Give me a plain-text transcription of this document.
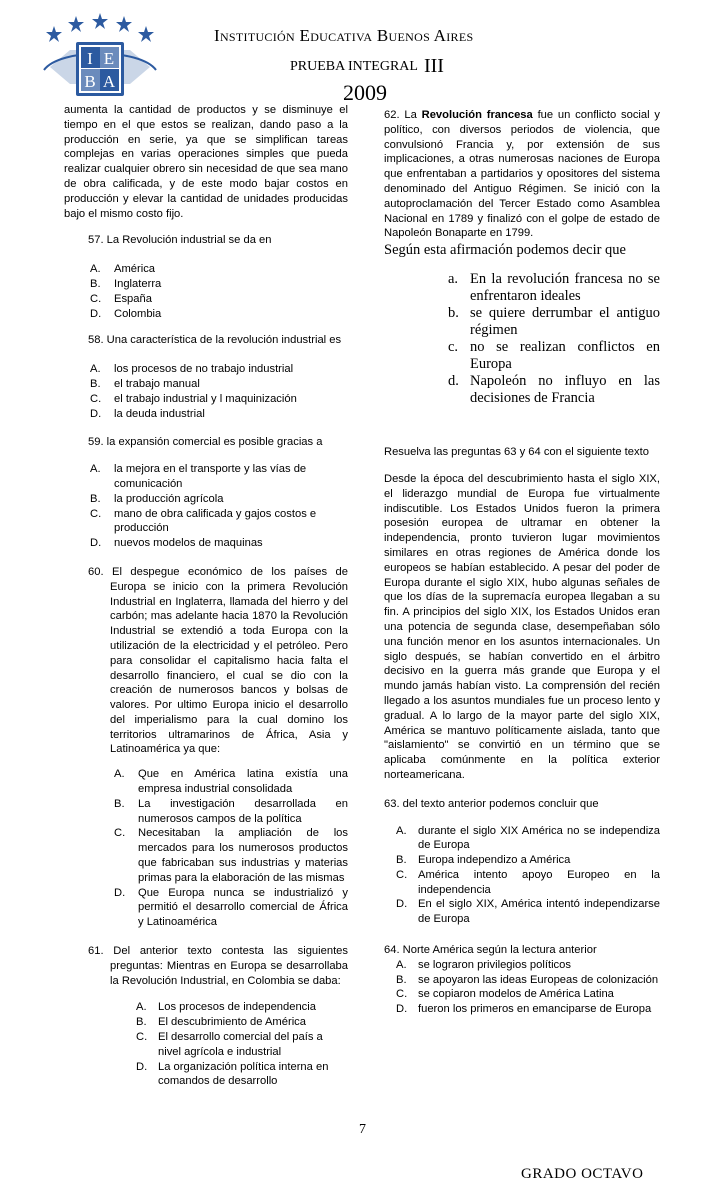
I E
B A
Institución Educativa Buenos Aires
PRUEBA INTEGRAL III
2009

aumenta la cantidad de productos y se disminuye el tiempo en el que estos se realizan, dando paso a la producción en serie, ya que se simplifican tareas complejas en varias operaciones simples que pueda realizar cualquier obrero sin necesidad de que sea mano de obra calificada, y de este modo bajar costos en producción y elevar la cantidad de unidades producidas bajo el mismo costo fijo.

57. La Revolución industrial se da en
A. América
B. Inglaterra
C. España
D. Colombia
58. Una característica de la revolución industrial es
A. los procesos de no trabajo industrial
B. el trabajo manual
C. el trabajo industrial y l maquinización
D. la deuda industrial
59. la expansión comercial es posible gracias a
A. la mejora en el transporte y las vías de comunicación
B. la producción agrícola
C. mano de obra calificada y gajos costos e producción
D. nuevos modelos de maquinas
60. El despegue económico de los países de Europa se inicio con la primera Revolución Industrial en Inglaterra, llamada del hierro y del carbón; mas adelante hacia 1870 la Revolución Industrial se extendió a toda Europa con la utilización de la electricidad y el petróleo. Pero para consolidar el capitalismo hacia falta el desarrollo financiero, el cual se dio con la creación de numerosos bancos y bolsas de valores. Por ultimo Europa inicio el desarrollo del imperialismo para la cual domino los territorios ultramarinos de África, Asia y Latinoamérica ya que:
A. Que en América latina existía una empresa industrial consolidada
B. La investigación desarrollada en numerosos campos de la política
C. Necesitaban la ampliación de los mercados para los numerosos productos que fabricaban sus industrias y materias primas para la elaboración de las mismas
D. Que Europa nunca se industrializó y permitió el desarrollo comercial de África y Latinoamérica
61. Del anterior texto contesta las siguientes preguntas: Mientras en Europa se desarrollaba la Revolución Industrial, en Colombia se daba:
A. Los procesos de independencia
B. El descubrimiento de América
C. El desarrollo comercial del país a nivel agrícola e industrial
D. La organización política interna en comandos de desarrollo
62. La Revolución francesa fue un conflicto social y político, con diversos periodos de violencia, que convulsionó Francia y, por extensión de sus implicaciones, a otras numerosas naciones de Europa que enfrentaban a partidarios y opositores del sistema denominado del Antiguo Régimen. Se inició con la autoproclamación del Tercer Estado como Asamblea Nacional en 1789 y finalizó con el golpe de estado de Napoleón Bonaparte en 1799.
Según esta afirmación podemos decir que
a. En la revolución francesa no se enfrentaron ideales
b. se quiere derrumbar el antiguo régimen
c. no se realizan conflictos en Europa
d. Napoleón no influyo en las decisiones de Francia
Resuelva las preguntas 63 y 64 con el siguiente texto

Desde la época del descubrimiento hasta el siglo XIX, el liderazgo mundial de Europa fue virtualmente indiscutible. Los Estados Unidos fueron la primera posesión europea de ultramar en obtener la independencia, pronto tuvieron lugar movimientos similares en otras regiones de América donde los europeos se habían establecido. A pesar del poder de Europa durante el siglo XIX, hubo algunas señales de que los días de la supremacía europea llegaban a su fin. A principios del siglo XIX, los Estados Unidos eran una potencia de segunda clase, desempeñaban sólo una función menor en los asuntos internacionales. Un siglo después, se habían convertido en el árbitro decisivo en la guerra más grande que Europa y el mundo jamás habían visto. La comprensión del recién llegado a los asuntos mundiales fue un proceso lento y gradual. A lo largo de la mayor parte del siglo XIX, América se mantuvo políticamente aislada, tanto que "aislamiento" se convirtió en un término que se aplicaba comúnmente en la política exterior norteamericana.

63. del texto anterior podemos concluir que
A. durante el siglo XIX América no se independiza de Europa
B. Europa independizo a América
C. América intento apoyo Europeo en la independencia
D. En el siglo XIX, América intentó independizarse de Europa
64. Norte América según la lectura anterior
A. se lograron privilegios políticos
B. se apoyaron las ideas Europeas de colonización
C. se copiaron modelos de América Latina
D. fueron los primeros en emanciparse de Europa
7
GRADO OCTAVO
